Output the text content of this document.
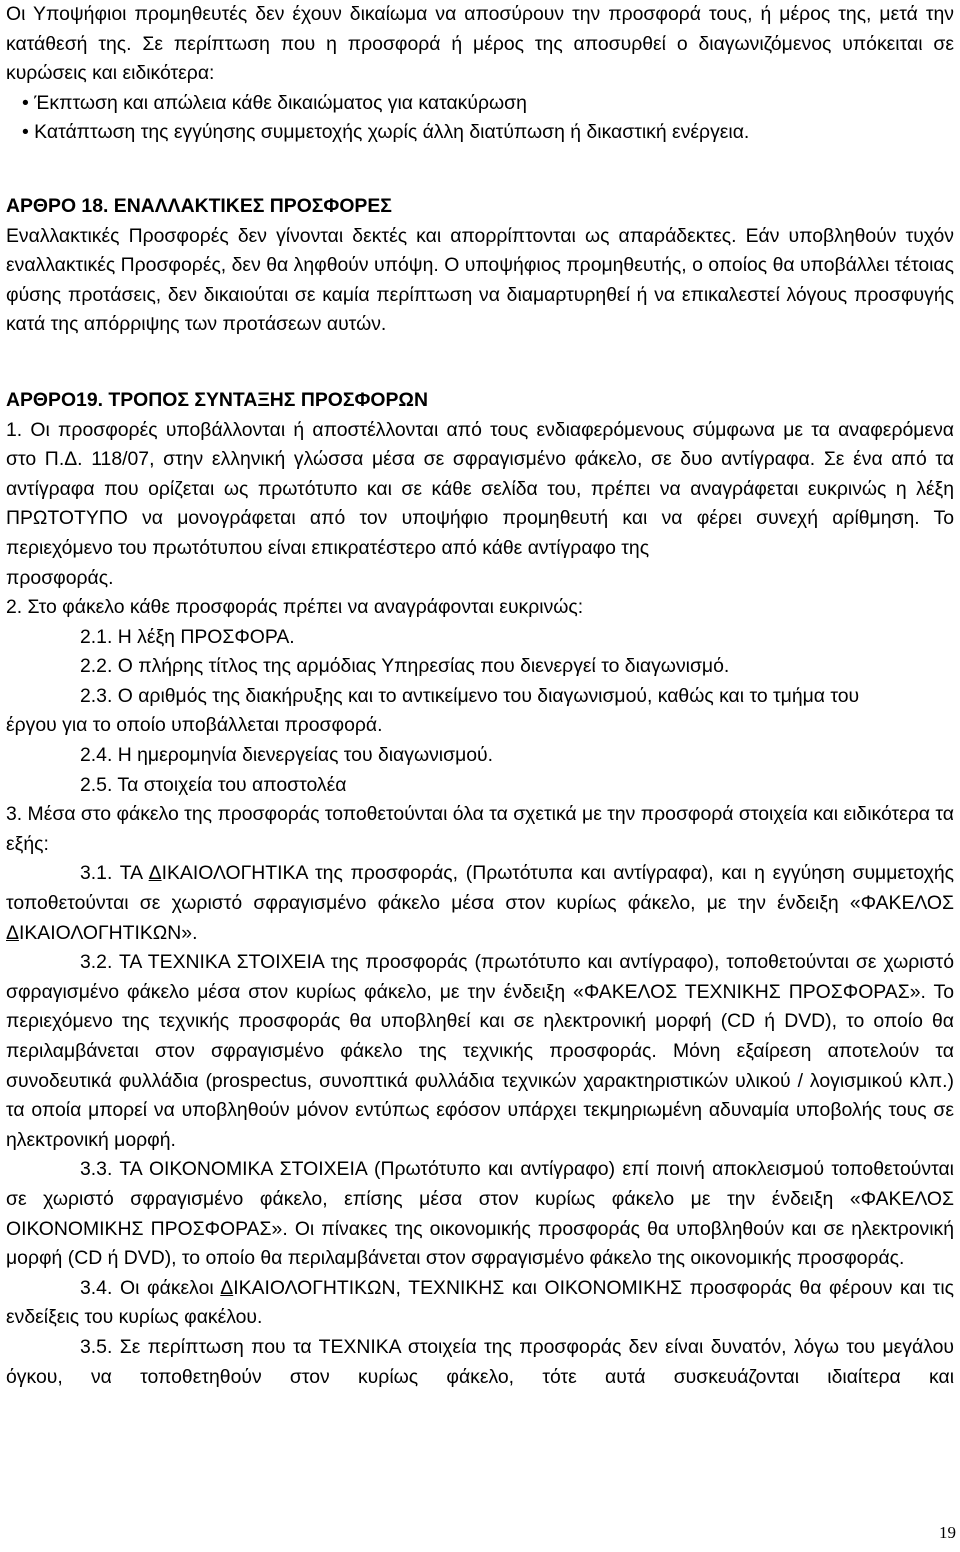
Οι Υποψήφιοι προμηθευτές δεν έχουν δικαίωμα να αποσύρουν την προσφορά τους, ή μέρος της, μετά την κατάθεσή της. Σε περίπτωση που η προσφορά ή μέρος της αποσυρθεί ο διαγωνιζόμενος υπόκειται σε κυρώσεις και ειδικότερα:

• Έκπτωση και απώλεια κάθε δικαιώματος για κατακύρωση

• Κατάπτωση της εγγύησης συμμετοχής χωρίς άλλη διατύπωση ή δικαστική ενέργεια.

ΑΡΘΡΟ 18. ΕΝΑΛΛΑΚΤΙΚΕΣ ΠΡΟΣΦΟΡΕΣ

Εναλλακτικές Προσφορές δεν γίνονται δεκτές και απορρίπτονται ως απαράδεκτες. Εάν υποβληθούν τυχόν εναλλακτικές Προσφορές, δεν θα ληφθούν υπόψη. Ο υποψήφιος προμηθευτής, ο οποίος θα υποβάλλει τέτοιας φύσης προτάσεις, δεν δικαιούται σε καμία περίπτωση να διαμαρτυρηθεί ή να επικαλεστεί λόγους προσφυγής κατά της απόρριψης των προτάσεων αυτών.

ΑΡΘΡΟ19. ΤΡΟΠΟΣ ΣΥΝΤΑΞΗΣ ΠΡΟΣΦΟΡΩΝ

1. Οι προσφορές υποβάλλονται ή αποστέλλονται από τους ενδιαφερόμενους σύμφωνα με τα αναφερόμενα στο Π.Δ. 118/07, στην ελληνική γλώσσα μέσα σε σφραγισμένο φάκελο, σε δυο αντίγραφα. Σε ένα από τα αντίγραφα που ορίζεται ως πρωτότυπο και σε κάθε σελίδα του, πρέπει να αναγράφεται ευκρινώς η λέξη ΠΡΩΤΟΤΥΠΟ να μονογράφεται από τον υποψήφιο προμηθευτή και να φέρει συνεχή αρίθμηση. Το περιεχόμενο του πρωτότυπου είναι επικρατέστερο από κάθε αντίγραφο της

προσφοράς.

2. Στο φάκελο κάθε προσφοράς πρέπει να αναγράφονται ευκρινώς:

2.1. Η λέξη ΠΡΟΣΦΟΡΑ.

2.2. Ο πλήρης τίτλος της αρμόδιας Υπηρεσίας που διενεργεί το διαγωνισμό.

2.3. Ο αριθμός της διακήρυξης και το αντικείμενο του διαγωνισμού, καθώς και το τμήμα του

έργου για το οποίο υποβάλλεται προσφορά.

2.4. Η ημερομηνία διενεργείας του διαγωνισμού.

2.5. Τα στοιχεία του αποστολέα

3. Μέσα στο φάκελο της προσφοράς τοποθετούνται όλα τα σχετικά με την προσφορά στοιχεία και ειδικότερα τα εξής:

3.1. ΤΑ ΔΙΚΑΙΟΛΟΓΗΤΙΚΑ της προσφοράς, (Πρωτότυπα και αντίγραφα), και η εγγύηση συμμετοχής τοποθετούνται σε χωριστό σφραγισμένο φάκελο μέσα στον κυρίως φάκελο, με την ένδειξη «ΦΑΚΕΛΟΣ ΔΙΚΑΙΟΛΟΓΗΤΙΚΩΝ».

3.2. ΤΑ ΤΕΧΝΙΚΑ ΣΤΟΙΧΕΙΑ της προσφοράς (πρωτότυπο και αντίγραφο), τοποθετούνται σε χωριστό σφραγισμένο φάκελο μέσα στον κυρίως φάκελο, με την ένδειξη «ΦΑΚΕΛΟΣ ΤΕΧΝΙΚΗΣ ΠΡΟΣΦΟΡΑΣ». Το περιεχόμενο της τεχνικής προσφοράς θα υποβληθεί και σε ηλεκτρονική μορφή (CD ή DVD), το οποίο θα περιλαμβάνεται στον σφραγισμένο φάκελο της τεχνικής προσφοράς. Μόνη εξαίρεση αποτελούν τα συνοδευτικά φυλλάδια (prospectus, συνοπτικά φυλλάδια τεχνικών χαρακτηριστικών υλικού / λογισμικού κλπ.) τα οποία μπορεί να υποβληθούν μόνον εντύπως εφόσον υπάρχει τεκμηριωμένη αδυναμία υποβολής τους σε ηλεκτρονική μορφή.

3.3. ΤΑ ΟΙΚΟΝΟΜΙΚΑ ΣΤΟΙΧΕΙΑ (Πρωτότυπο και αντίγραφο) επί ποινή αποκλεισμού τοποθετούνται σε χωριστό σφραγισμένο φάκελο, επίσης μέσα στον κυρίως φάκελο με την ένδειξη «ΦΑΚΕΛΟΣ ΟΙΚΟΝΟΜΙΚΗΣ ΠΡΟΣΦΟΡΑΣ». Οι πίνακες της οικονομικής προσφοράς θα υποβληθούν και σε ηλεκτρονική μορφή (CD ή DVD), το οποίο θα περιλαμβάνεται στον σφραγισμένο φάκελο της οικονομικής προσφοράς.

3.4. Οι φάκελοι ΔΙΚΑΙΟΛΟΓΗΤΙΚΩΝ, ΤΕΧΝΙΚΗΣ και ΟΙΚΟΝΟΜΙΚΗΣ προσφοράς θα φέρουν και τις ενδείξεις του κυρίως φακέλου.

3.5. Σε περίπτωση που τα ΤΕΧΝΙΚΑ στοιχεία της προσφοράς δεν είναι δυνατόν, λόγω του μεγάλου όγκου, να τοποθετηθούν στον κυρίως φάκελο, τότε αυτά συσκευάζονται ιδιαίτερα και

19
